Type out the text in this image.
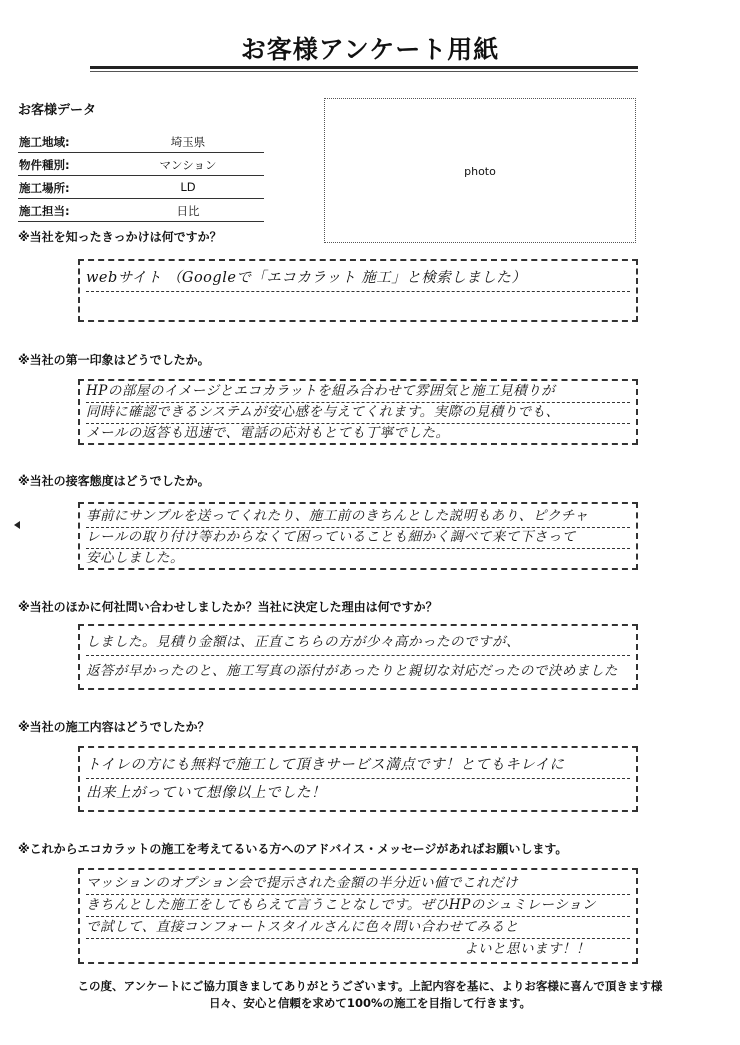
お客様アンケート用紙
お客様データ
施工地域:	埼玉県
物件種別:	マンション
施工場所:	LD
施工担当:	日比
photo
※当社を知ったきっかけは何ですか？
webサイト （Googleで「エコカラット 施工」と検索しました）
※当社の第一印象はどうでしたか。
HPの部屋のイメージとエコカラットを組み合わせて雰囲気と施工見積りが
同時に確認できるシステムが安心感を与えてくれます。実際の見積りでも、
メールの返答も迅速で、電話の応対もとても丁寧でした。
※当社の接客態度はどうでしたか。
事前にサンプルを送ってくれたり、施工前のきちんとした説明もあり、ピクチャ
レールの取り付け等わからなくて困っていることも細かく調べて来て下さって
安心しました。
※当社のほかに何社問い合わせしましたか？当社に決定した理由は何ですか？
しました。見積り金額は、正直こちらの方が少々高かったのですが、
返答が早かったのと、施工写真の添付があったりと親切な対応だったので決めました
※当社の施工内容はどうでしたか？
トイレの方にも無料で施工して頂きサービス満点です！とてもキレイに
出来上がっていて想像以上でした！
※これからエコカラットの施工を考えてるいる方へのアドバイス・メッセージがあればお願いします。
マッションのオプション会で提示された金額の半分近い値でこれだけ
きちんとした施工をしてもらえて言うことなしです。ぜひHPのシュミレーション
で試して、直接コンフォートスタイルさんに色々問い合わせてみると
よいと思います！！
この度、アンケートにご協力頂きましてありがとうございます。上記内容を基に、よりお客様に喜んで頂きます様
日々、安心と信頼を求めて100%の施工を目指して行きます。
